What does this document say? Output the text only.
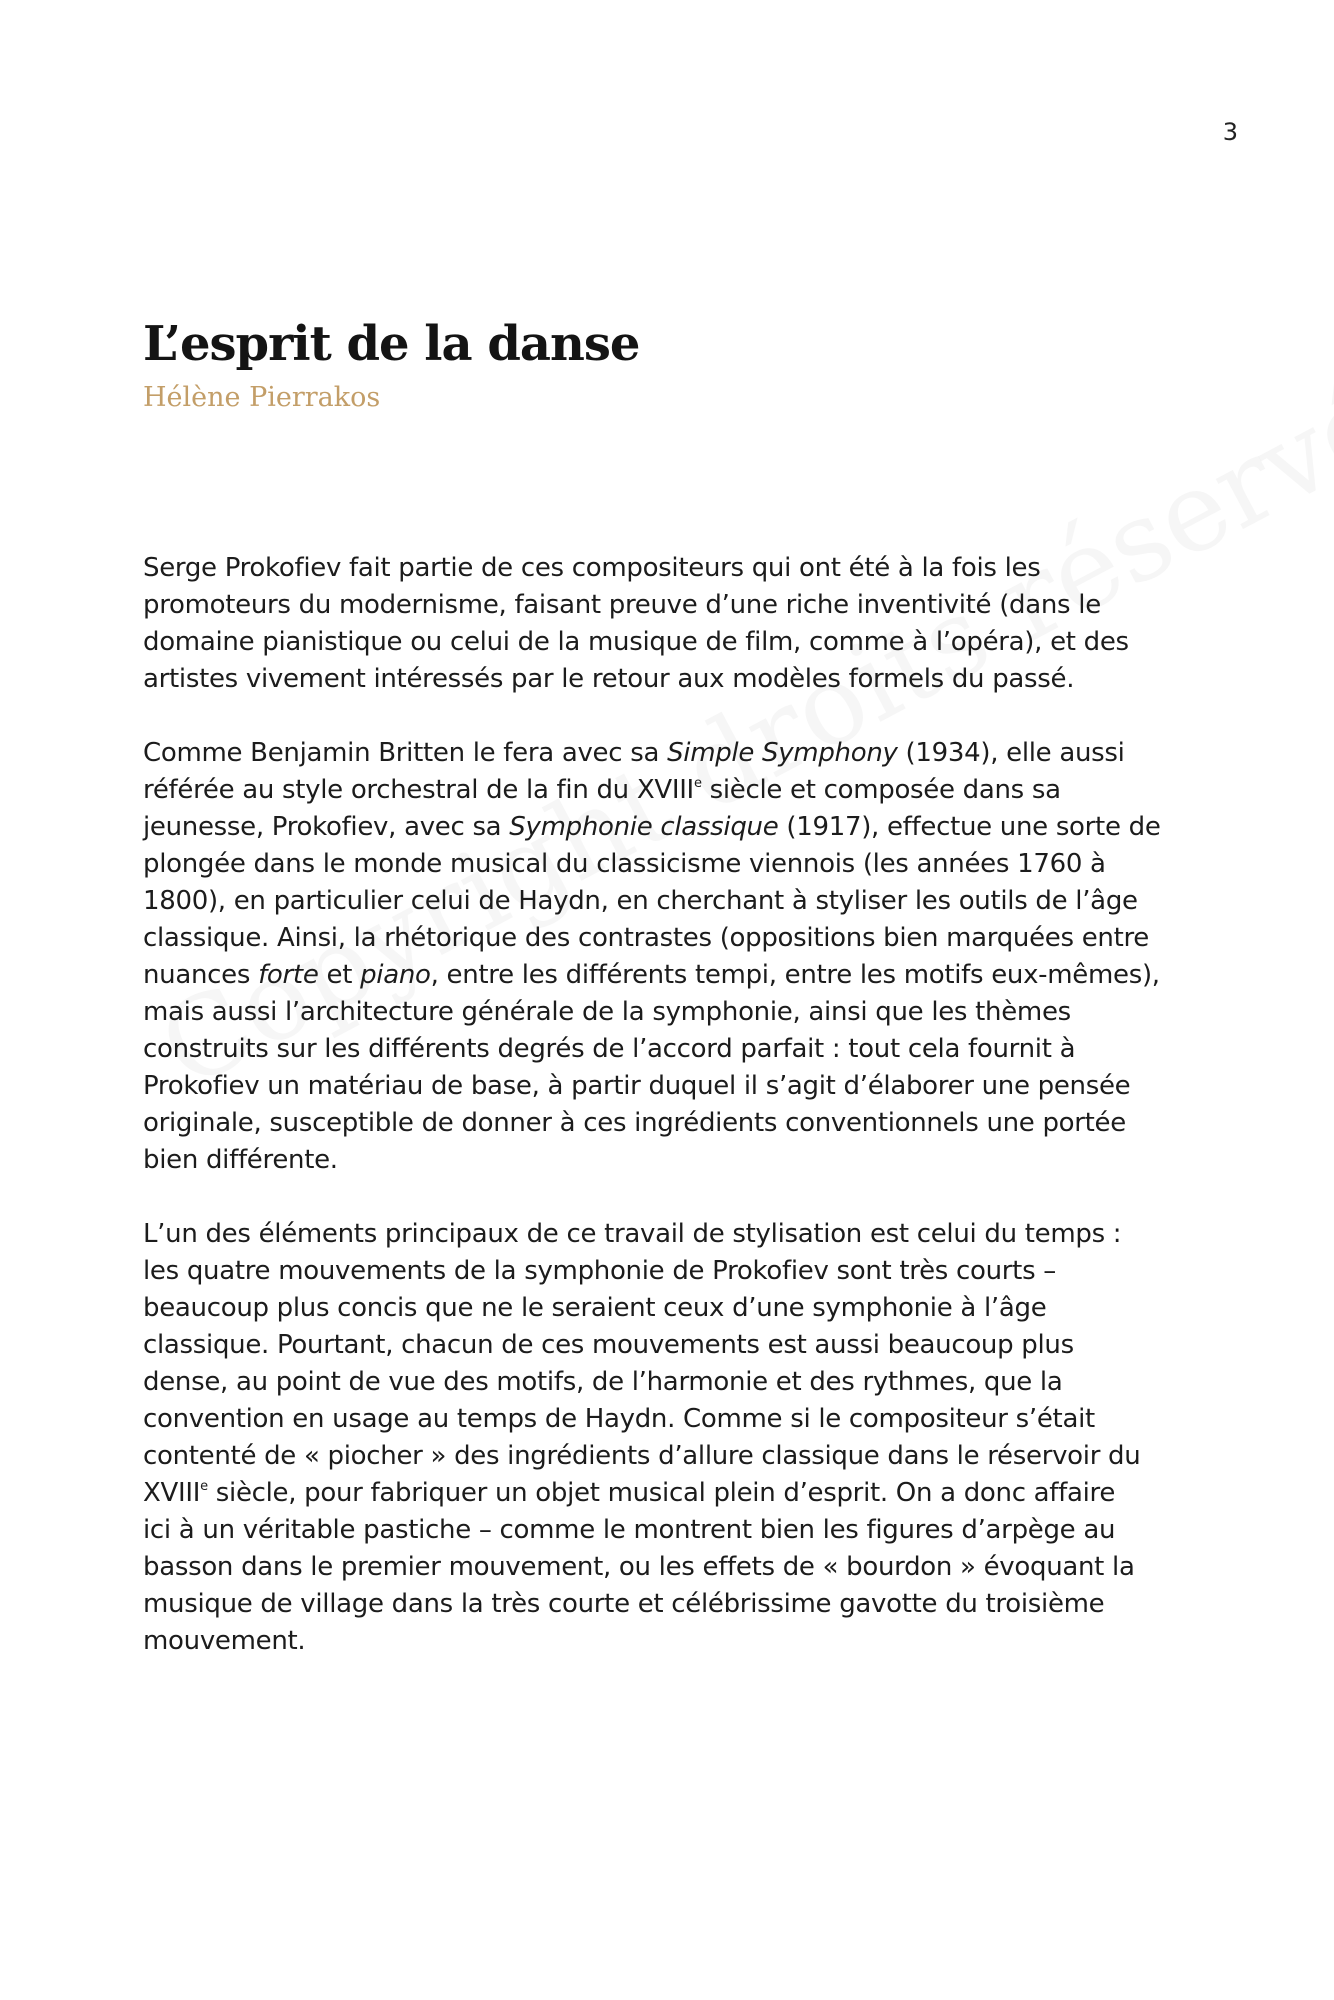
3
L’esprit de la danse

Hélène Pierrakos

Serge Prokofiev fait partie de ces compositeurs qui ont été à la fois les
promoteurs du modernisme, faisant preuve d’une riche inventivité (dans le
domaine pianistique ou celui de la musique de film, comme à l’opéra), et des
artistes vivement intéressés par le retour aux modèles formels du passé.

Comme Benjamin Britten le fera avec sa Simple Symphony (1934), elle aussi
référée au style orchestral de la fin du XVIIIe siècle et composée dans sa
jeunesse, Prokofiev, avec sa Symphonie classique (1917), effectue une sorte de
plongée dans le monde musical du classicisme viennois (les années 1760 à
1800), en particulier celui de Haydn, en cherchant à styliser les outils de l’âge
classique. Ainsi, la rhétorique des contrastes (oppositions bien marquées entre
nuances forte et piano, entre les différents tempi, entre les motifs eux-mêmes),
mais aussi l’architecture générale de la symphonie, ainsi que les thèmes
construits sur les différents degrés de l’accord parfait : tout cela fournit à
Prokofiev un matériau de base, à partir duquel il s’agit d’élaborer une pensée
originale, susceptible de donner à ces ingrédients conventionnels une portée
bien différente.

L’un des éléments principaux de ce travail de stylisation est celui du temps :
les quatre mouvements de la symphonie de Prokofiev sont très courts –
beaucoup plus concis que ne le seraient ceux d’une symphonie à l’âge
classique. Pourtant, chacun de ces mouvements est aussi beaucoup plus
dense, au point de vue des motifs, de l’harmonie et des rythmes, que la
convention en usage au temps de Haydn. Comme si le compositeur s’était
contenté de « piocher » des ingrédients d’allure classique dans le réservoir du
XVIIIe siècle, pour fabriquer un objet musical plein d’esprit. On a donc affaire
ici à un véritable pastiche – comme le montrent bien les figures d’arpège au
basson dans le premier mouvement, ou les effets de « bourdon » évoquant la
musique de village dans la très courte et célébrissime gavotte du troisième
mouvement.
